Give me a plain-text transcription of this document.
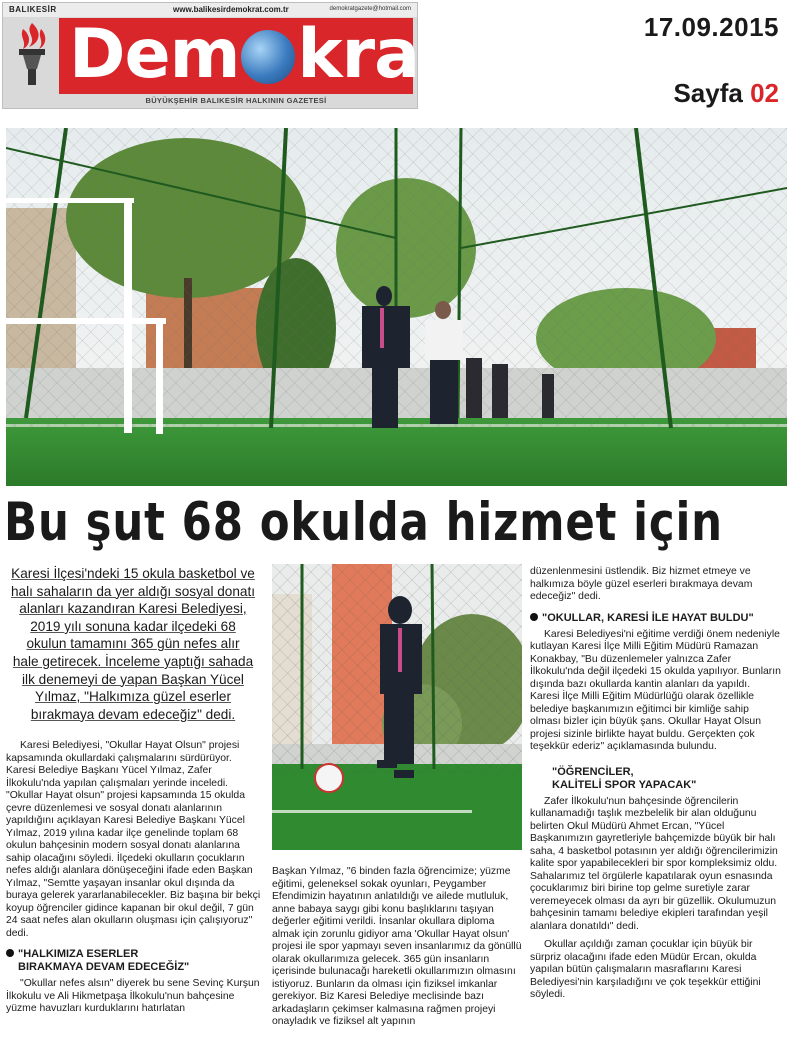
BALIKESİR	www.balikesirdemokrat.com.tr	demokratgazete@hotmail.com
Dem krat
BÜYÜKŞEHİR BALIKESİR HALKININ GAZETESİ
17.09.2015
Sayfa 02
Bu şut 68 okulda hizmet için
Karesi İlçesi'ndeki 15 okula basketbol ve
halı sahaların da yer aldığı sosyal donatı
alanları kazandıran Karesi Belediyesi,
2019 yılı sonuna kadar ilçedeki 68
okulun tamamını 365 gün nefes alır
hale getirecek. İnceleme yaptığı sahada
ilk denemeyi de yapan Başkan Yücel
Yılmaz, "Halkımıza güzel eserler
bırakmaya devam edeceğiz" dedi.

Karesi Belediyesi, "Okullar Hayat Olsun" projesi kapsamında okullardaki çalışmalarını sürdürüyor. Karesi Belediye Başkanı Yücel Yılmaz, Zafer İlkokulu'nda yapılan çalışmaları yerinde inceledi. "Okullar Hayat olsun" projesi kapsamında 15 okulda çevre düzenlemesi ve sosyal donatı alanlarının yapıldığını açıklayan Karesi Belediye Başkanı Yücel Yılmaz, 2019 yılına kadar ilçe genelinde toplam 68 okulun bahçesinin modern sosyal donatı alanlarına sahip olacağını söyledi. İlçedeki okulların çocukların nefes aldığı alanlara dönüşeceğini ifade eden Başkan Yılmaz, "Semtte yaşayan insanlar okul dışında da buraya gelerek yararlanabilecekler. Biz başına bir bekçi koyup öğrenciler gidince kapanan bir okul değil, 7 gün 24 saat nefes alan okulların oluşması için çalışıyoruz" dedi.

"HALKIMIZA ESERLER
BIRAKMAYA DEVAM EDECEĞİZ"

"Okullar nefes alsın" diyerek bu sene Sevinç Kurşun İlkokulu ve Ali Hikmetpaşa İlkokulu'nun bahçesine yüzme havuzları kurduklarını hatırlatan

Başkan Yılmaz, "6 binden fazla öğrencimize; yüzme eğitimi, geleneksel sokak oyunları, Peygamber Efendimizin hayatının anlatıldığı ve ailede mutluluk, anne babaya saygı gibi konu başlıklarını taşıyan değerler eğitimi verildi. İnsanlar okullara diploma almak için zorunlu gidiyor ama 'Okullar Hayat olsun' projesi ile spor yapmayı seven insanlarımız da gönüllü olarak okullarımıza gelecek. 365 gün insanların içerisinde bulunacağı hareketli okullarımızın olmasını istiyoruz. Bunların da olması için fiziksel imkanlar gerekiyor. Biz Karesi Belediye meclisinde bazı arkadaşların çekimser kalmasına rağmen projeyi onayladık ve fiziksel alt yapının

düzenlenmesini üstlendik. Biz hizmet etmeye ve halkımıza böyle güzel eserleri bırakmaya devam edeceğiz" dedi.

"OKULLAR, KARESİ İLE HAYAT BULDU"

Karesi Belediyesi'ni eğitime verdiği önem nedeniyle kutlayan Karesi İlçe Milli Eğitim Müdürü Ramazan Konakbay, "Bu düzenlemeler yalnızca Zafer İlkokulu'nda değil ilçedeki 15 okulda yapılıyor. Bunların dışında bazı okullarda kantin alanları da yapıldı. Karesi İlçe Milli Eğitim Müdürlüğü olarak özellikle belediye başkanımızın eğitimci bir kimliğe sahip olması bizler için büyük şans. Okullar Hayat Olsun projesi sizinle birlikte hayat buldu. Gerçekten çok teşekkür ederiz" açıklamasında bulundu.

"ÖĞRENCİLER,
KALİTELİ SPOR YAPACAK"

Zafer İlkokulu'nun bahçesinde öğrencilerin kullanamadığı taşlık mezbelelik bir alan olduğunu belirten Okul Müdürü Ahmet Ercan, "Yücel Başkanımızın gayretleriyle bahçemizde büyük bir halı saha, 4 basketbol potasının yer aldığı öğrencilerimizin kalite spor yapabilecekleri bir spor kompleksimiz oldu. Sahalarımız tel örgülerle kapatılarak oyun esnasında çocuklarımız biri birine top gelme suretiyle zarar veremeyecek olması da ayrı bir güzellik. Okulumuzun bahçesinin tamamı belediye ekipleri tarafından yeşil alanlara donatıldı" dedi.

Okullar açıldığı zaman çocuklar için büyük bir sürpriz olacağını ifade eden Müdür Ercan, okulda yapılan bütün çalışmaların masraflarını Karesi Belediyesi'nin karşıladığını ve çok teşekkür ettiğini söyledi.
